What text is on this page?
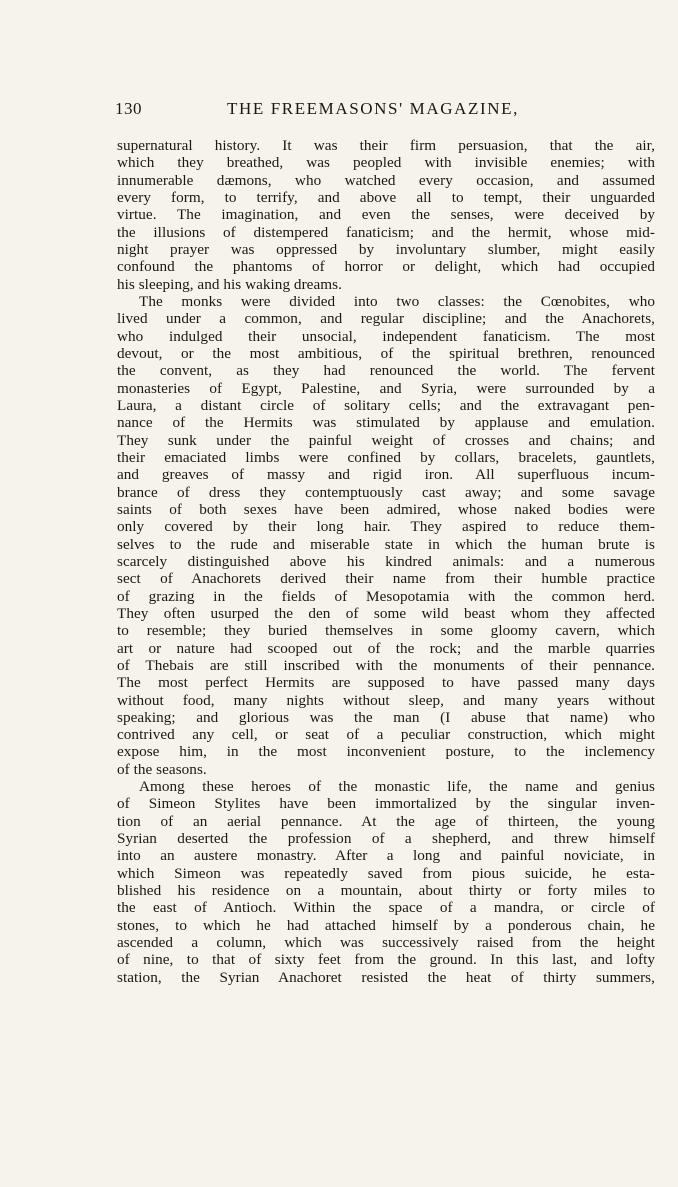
130	THE FREEMASONS' MAGAZINE,
supernatural history. It was their firm persuasion, that the air,
which they breathed, was peopled with invisible enemies; with
innumerable dæmons, who watched every occasion, and assumed
every form, to terrify, and above all to tempt, their unguarded
virtue. The imagination, and even the senses, were deceived by
the illusions of distempered fanaticism; and the hermit, whose mid-
night prayer was oppressed by involuntary slumber, might easily
confound the phantoms of horror or delight, which had occupied
his sleeping, and his waking dreams.
The monks were divided into two classes: the Cœnobites, who
lived under a common, and regular discipline; and the Anachorets,
who indulged their unsocial, independent fanaticism. The most
devout, or the most ambitious, of the spiritual brethren, renounced
the convent, as they had renounced the world. The fervent
monasteries of Egypt, Palestine, and Syria, were surrounded by a
Laura, a distant circle of solitary cells; and the extravagant pen-
nance of the Hermits was stimulated by applause and emulation.
They sunk under the painful weight of crosses and chains; and
their emaciated limbs were confined by collars, bracelets, gauntlets,
and greaves of massy and rigid iron. All superfluous incum-
brance of dress they contemptuously cast away; and some savage
saints of both sexes have been admired, whose naked bodies were
only covered by their long hair. They aspired to reduce them-
selves to the rude and miserable state in which the human brute is
scarcely distinguished above his kindred animals: and a numerous
sect of Anachorets derived their name from their humble practice
of grazing in the fields of Mesopotamia with the common herd.
They often usurped the den of some wild beast whom they affected
to resemble; they buried themselves in some gloomy cavern, which
art or nature had scooped out of the rock; and the marble quarries
of Thebais are still inscribed with the monuments of their pennance.
The most perfect Hermits are supposed to have passed many days
without food, many nights without sleep, and many years without
speaking; and glorious was the man (I abuse that name) who
contrived any cell, or seat of a peculiar construction, which might
expose him, in the most inconvenient posture, to the inclemency
of the seasons.
Among these heroes of the monastic life, the name and genius
of Simeon Stylites have been immortalized by the singular inven-
tion of an aerial pennance. At the age of thirteen, the young
Syrian deserted the profession of a shepherd, and threw himself
into an austere monastry. After a long and painful noviciate, in
which Simeon was repeatedly saved from pious suicide, he esta-
blished his residence on a mountain, about thirty or forty miles to
the east of Antioch. Within the space of a mandra, or circle of
stones, to which he had attached himself by a ponderous chain, he
ascended a column, which was successively raised from the height
of nine, to that of sixty feet from the ground. In this last, and lofty
station, the Syrian Anachoret resisted the heat of thirty summers,
